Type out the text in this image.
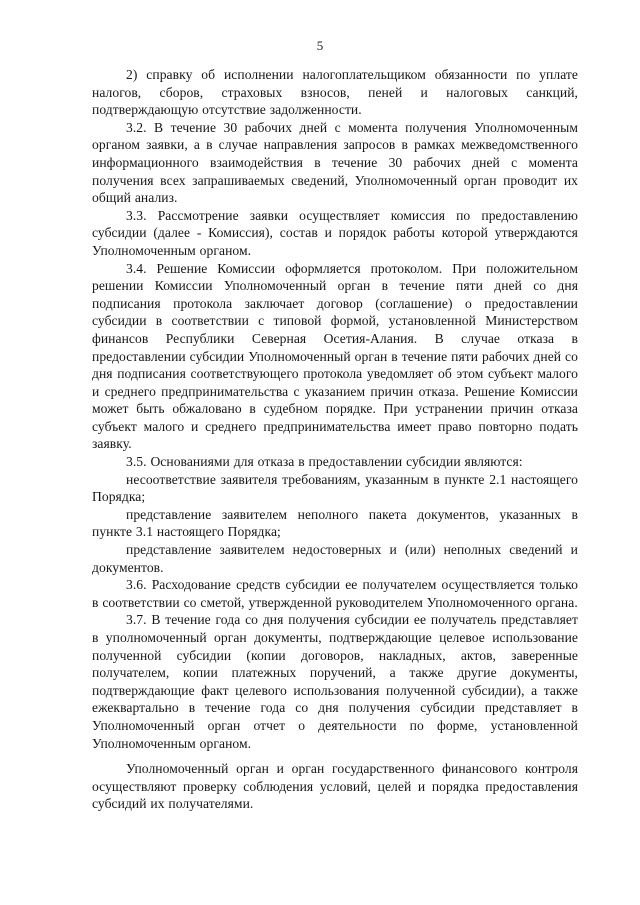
5

2) справку об исполнении налогоплательщиком обязанности по уплате налогов, сборов, страховых взносов, пеней и налоговых санкций, подтверждающую отсутствие задолженности.

3.2. В течение 30 рабочих дней с момента получения Уполномоченным органом заявки, а в случае направления запросов в рамках межведомственного информационного взаимодействия в течение 30 рабочих дней с момента получения всех запрашиваемых сведений, Уполномоченный орган проводит их общий анализ.

3.3. Рассмотрение заявки осуществляет комиссия по предоставлению субсидии (далее - Комиссия), состав и порядок работы которой утверждаются Уполномоченным органом.

3.4. Решение Комиссии оформляется протоколом. При положительном решении Комиссии Уполномоченный орган в течение пяти дней со дня подписания протокола заключает договор (соглашение) о предоставлении субсидии в соответствии с типовой формой, установленной Министерством финансов Республики Северная Осетия-Алания. В случае отказа в предоставлении субсидии Уполномоченный орган в течение пяти рабочих дней со дня подписания соответствующего протокола уведомляет об этом субъект малого и среднего предпринимательства с указанием причин отказа. Решение Комиссии может быть обжаловано в судебном порядке. При устранении причин отказа субъект малого и среднего предпринимательства имеет право повторно подать заявку.

3.5. Основаниями для отказа в предоставлении субсидии являются:

несоответствие заявителя требованиям, указанным в пункте 2.1 настоящего Порядка;

представление заявителем неполного пакета документов, указанных в пункте 3.1 настоящего Порядка;

представление заявителем недостоверных и (или) неполных сведений и документов.

3.6. Расходование средств субсидии ее получателем осуществляется только в соответствии со сметой, утвержденной руководителем Уполномоченного органа.

3.7. В течение года со дня получения субсидии ее получатель представляет в уполномоченный орган документы, подтверждающие целевое использование полученной субсидии (копии договоров, накладных, актов, заверенные получателем, копии платежных поручений, а также другие документы, подтверждающие факт целевого использования полученной субсидии), а также ежеквартально в течение года со дня получения субсидии представляет в Уполномоченный орган отчет о деятельности по форме, установленной Уполномоченным органом.

Уполномоченный орган и орган государственного финансового контроля осуществляют проверку соблюдения условий, целей и порядка предоставления субсидий их получателями.
